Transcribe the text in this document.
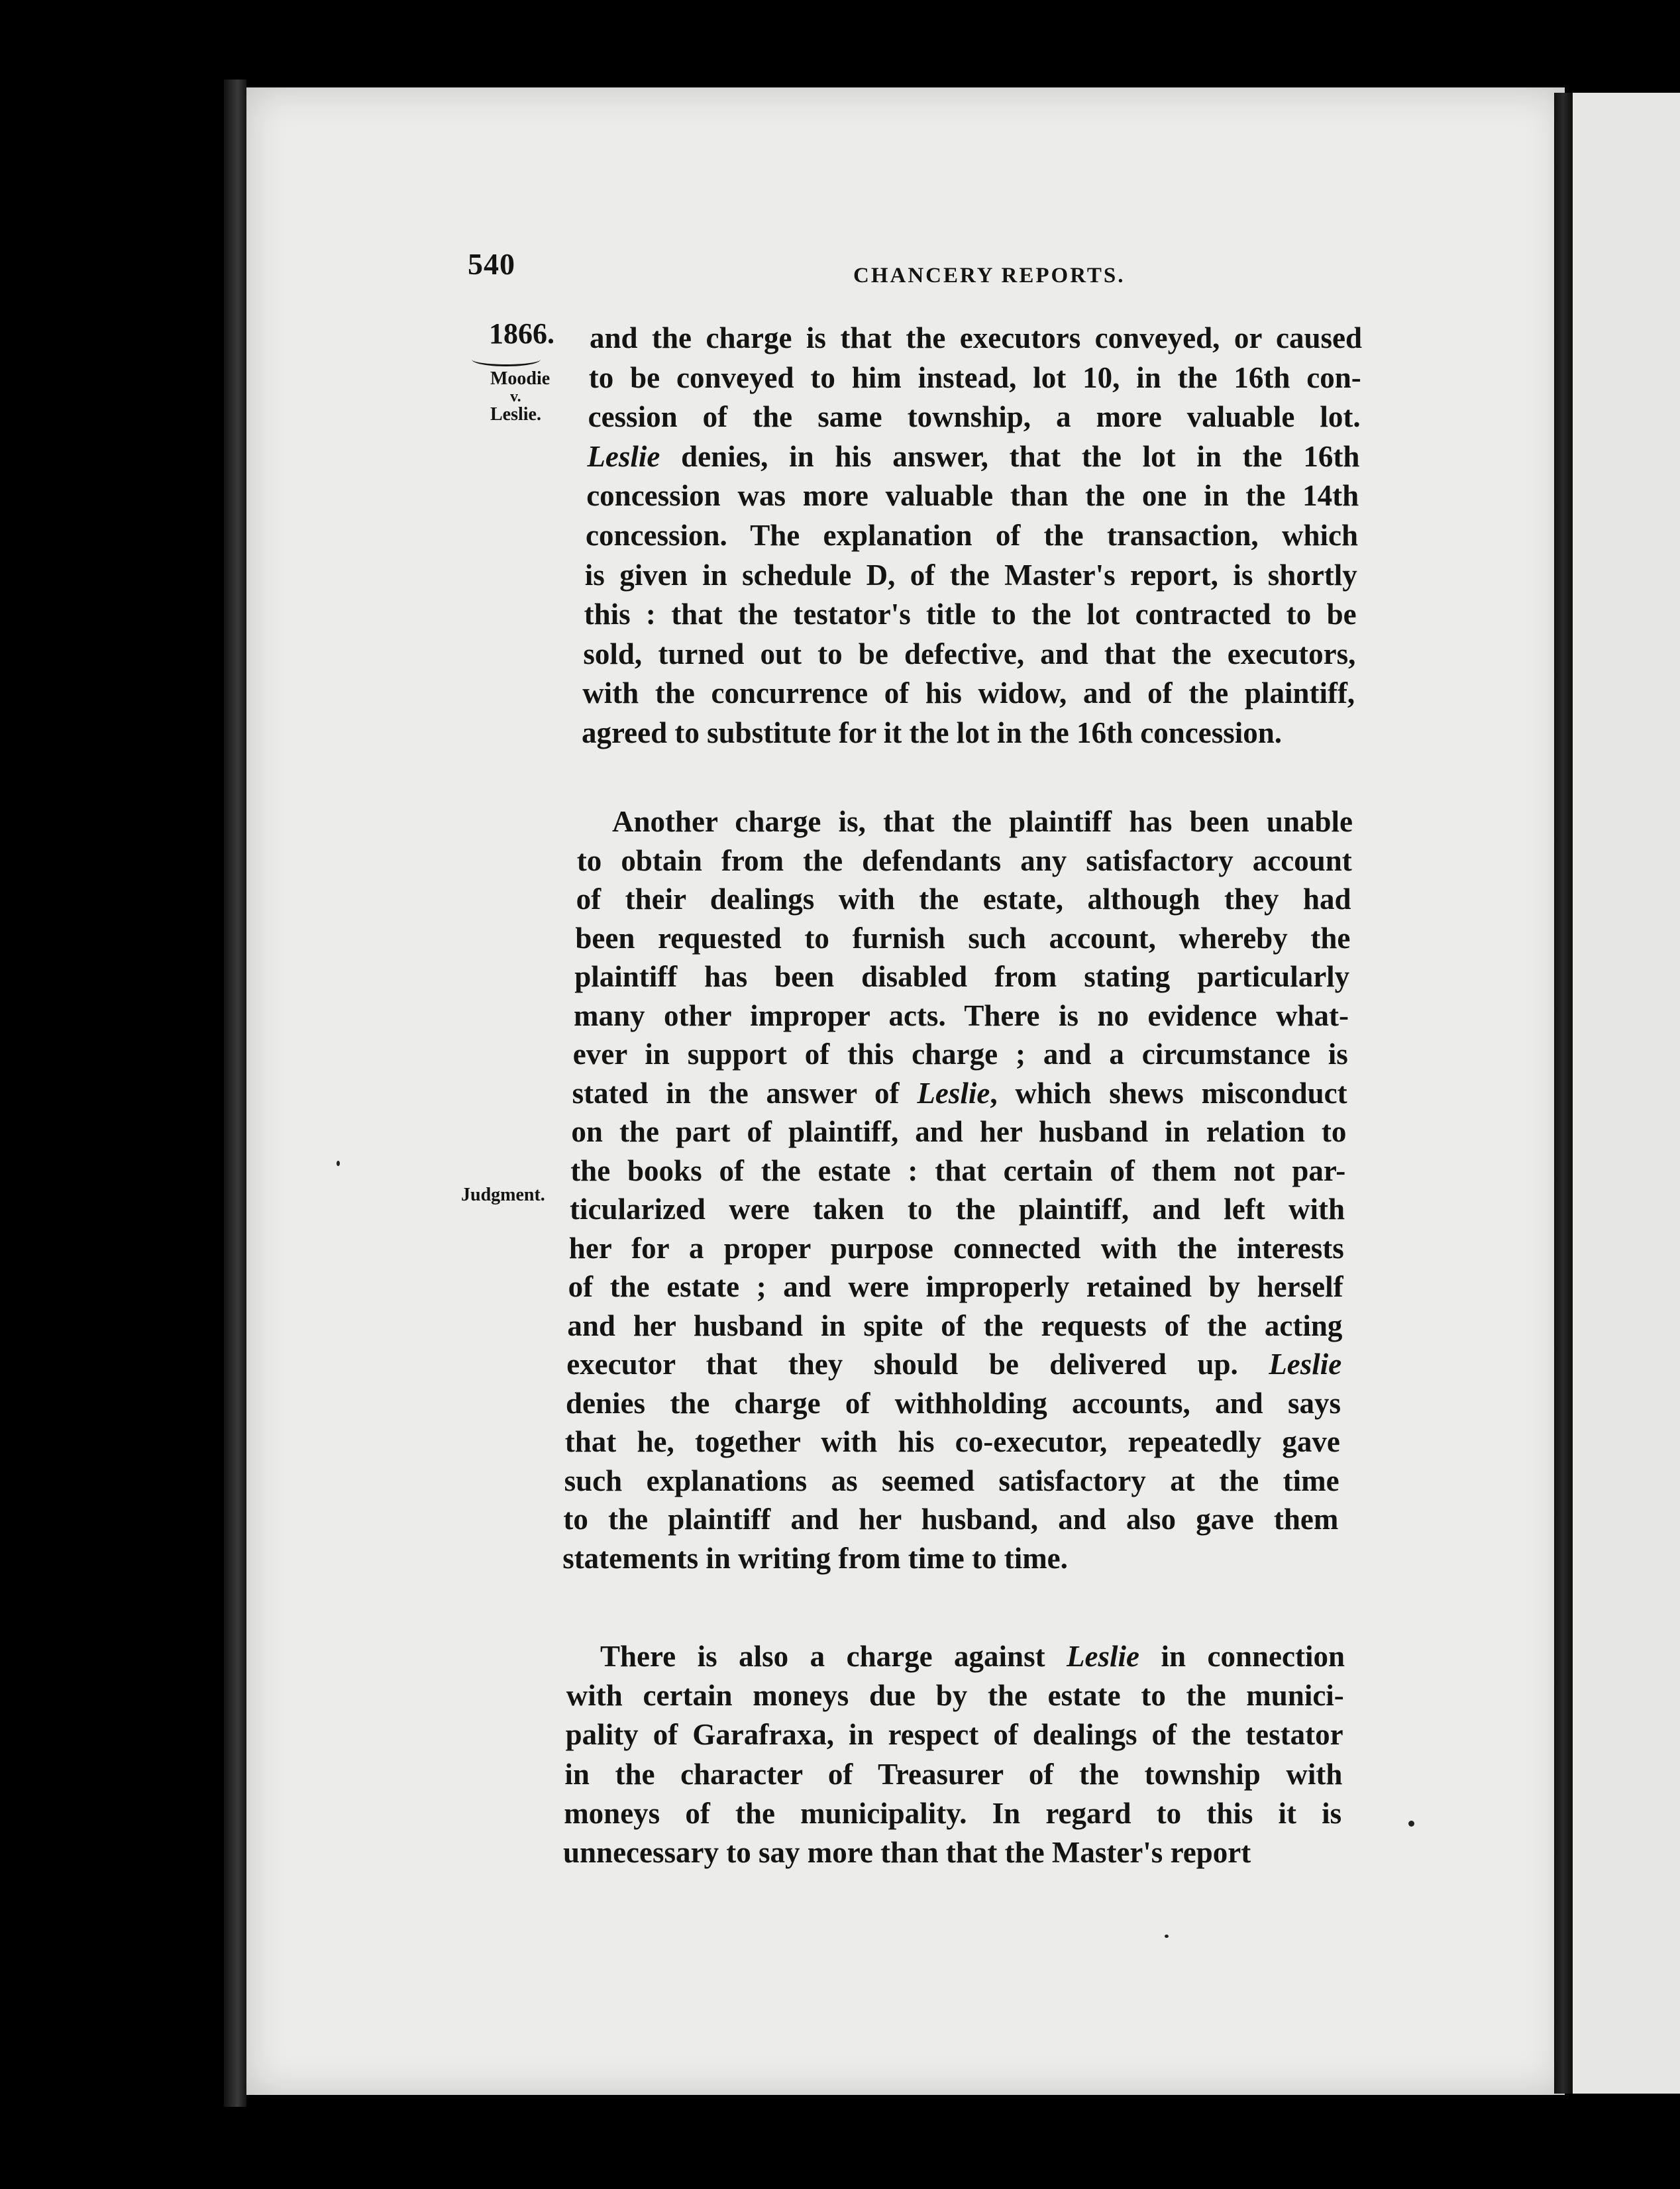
540	CHANCERY REPORTS.
1866.
Moodie
v.
Leslie.
Judgment.
and the charge is that the executors conveyed, or caused
to be conveyed to him instead, lot 10, in the 16th con-
cession of the same township, a more valuable lot.
Leslie denies, in his answer, that the lot in the 16th
concession was more valuable than the one in the 14th
concession. The explanation of the transaction, which
is given in schedule D, of the Master's report, is shortly
this : that the testator's title to the lot contracted to be
sold, turned out to be defective, and that the executors,
with the concurrence of his widow, and of the plaintiff,
agreed to substitute for it the lot in the 16th concession.
Another charge is, that the plaintiff has been unable
to obtain from the defendants any satisfactory account
of their dealings with the estate, although they had
been requested to furnish such account, whereby the
plaintiff has been disabled from stating particularly
many other improper acts. There is no evidence what-
ever in support of this charge ; and a circumstance is
stated in the answer of Leslie, which shews misconduct
on the part of plaintiff, and her husband in relation to
the books of the estate : that certain of them not par-
ticularized were taken to the plaintiff, and left with
her for a proper purpose connected with the interests
of the estate ; and were improperly retained by herself
and her husband in spite of the requests of the acting
executor that they should be delivered up. Leslie
denies the charge of withholding accounts, and says
that he, together with his co-executor, repeatedly gave
such explanations as seemed satisfactory at the time
to the plaintiff and her husband, and also gave them
statements in writing from time to time.
There is also a charge against Leslie in connection
with certain moneys due by the estate to the munici-
pality of Garafraxa, in respect of dealings of the testator
in the character of Treasurer of the township with
moneys of the municipality. In regard to this it is
unnecessary to say more than that the Master's report
